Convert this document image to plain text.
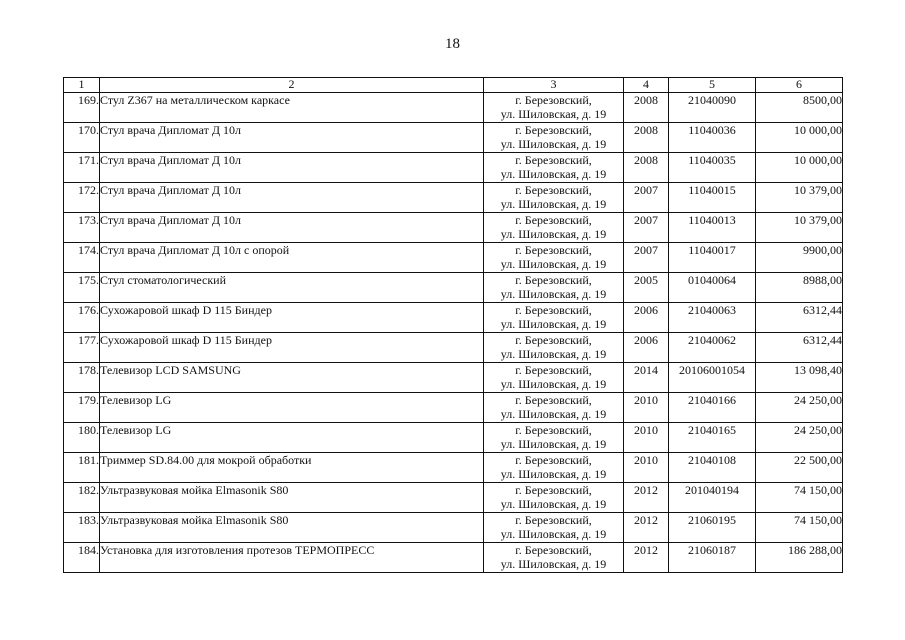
18
1	2	3	4	5	6
169.	Стул Z367 на металлическом каркасе	г. Березовский,
ул. Шиловская, д. 19	2008	21040090	8500,00
170.	Стул врача Дипломат Д 10л	г. Березовский,
ул. Шиловская, д. 19	2008	11040036	10 000,00
171.	Стул врача Дипломат Д 10л	г. Березовский,
ул. Шиловская, д. 19	2008	11040035	10 000,00
172.	Стул врача Дипломат Д 10л	г. Березовский,
ул. Шиловская, д. 19	2007	11040015	10 379,00
173.	Стул врача Дипломат Д 10л	г. Березовский,
ул. Шиловская, д. 19	2007	11040013	10 379,00
174.	Стул врача Дипломат Д 10л с опорой	г. Березовский,
ул. Шиловская, д. 19	2007	11040017	9900,00
175.	Стул стоматологический	г. Березовский,
ул. Шиловская, д. 19	2005	01040064	8988,00
176.	Сухожаровой шкаф D 115 Биндер	г. Березовский,
ул. Шиловская, д. 19	2006	21040063	6312,44
177.	Сухожаровой шкаф D 115 Биндер	г. Березовский,
ул. Шиловская, д. 19	2006	21040062	6312,44
178.	Телевизор LCD SAMSUNG	г. Березовский,
ул. Шиловская, д. 19	2014	20106001054	13 098,40
179.	Телевизор LG	г. Березовский,
ул. Шиловская, д. 19	2010	21040166	24 250,00
180.	Телевизор LG	г. Березовский,
ул. Шиловская, д. 19	2010	21040165	24 250,00
181.	Триммер SD.84.00 для мокрой обработки	г. Березовский,
ул. Шиловская, д. 19	2010	21040108	22 500,00
182.	Ультразвуковая мойка Elmasonik S80	г. Березовский,
ул. Шиловская, д. 19	2012	201040194	74 150,00
183.	Ультразвуковая мойка Elmasonik S80	г. Березовский,
ул. Шиловская, д. 19	2012	21060195	74 150,00
184.	Установка для изготовления протезов ТЕРМОПРЕСС	г. Березовский,
ул. Шиловская, д. 19	2012	21060187	186 288,00
